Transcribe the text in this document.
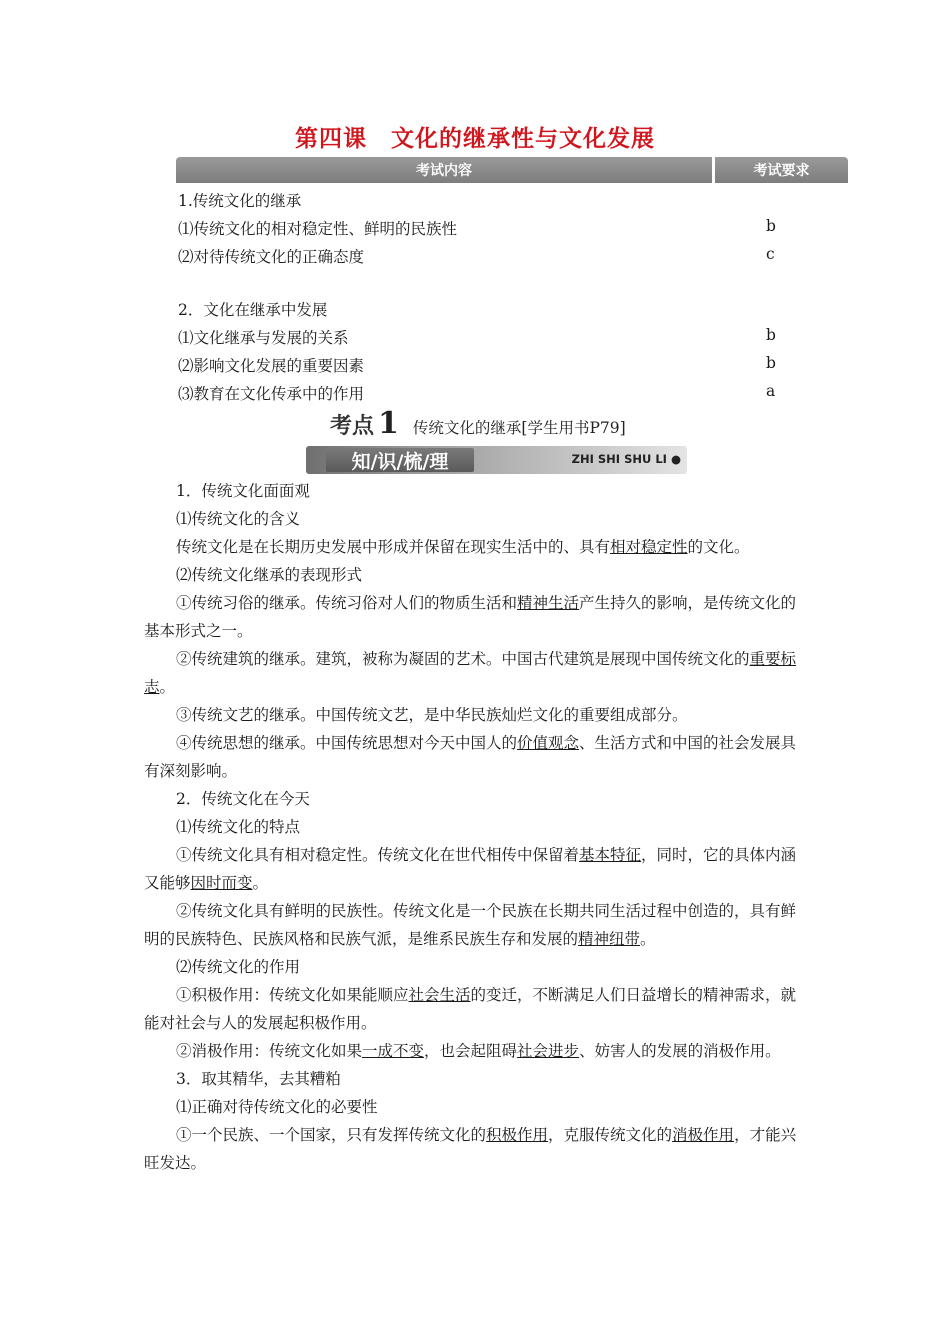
第四课　文化的继承性与文化发展
考试内容	考试要求
1.传统文化的继承
⑴传统文化的相对稳定性、鲜明的民族性	b
⑵对待传统文化的正确态度	c
2．文化在继承中发展
⑴文化继承与发展的关系	b
⑵影响文化发展的重要因素	b
⑶教育在文化传承中的作用	a
考点 1 传统文化的继承[学生用书P79]
知/识/梳/理	ZHI SHI SHU LI ●

1．传统文化面面观

⑴传统文化的含义

传统文化是在长期历史发展中形成并保留在现实生活中的、具有相对稳定性的文化。

⑵传统文化继承的表现形式

①传统习俗的继承。传统习俗对人们的物质生活和精神生活产生持久的影响，是传统文化的基本形式之一。

②传统建筑的继承。建筑，被称为凝固的艺术。中国古代建筑是展现中国传统文化的重要标志。

③传统文艺的继承。中国传统文艺，是中华民族灿烂文化的重要组成部分。

④传统思想的继承。中国传统思想对今天中国人的价值观念、生活方式和中国的社会发展具有深刻影响。

2．传统文化在今天

⑴传统文化的特点

①传统文化具有相对稳定性。传统文化在世代相传中保留着基本特征，同时，它的具体内涵又能够因时而变。

②传统文化具有鲜明的民族性。传统文化是一个民族在长期共同生活过程中创造的，具有鲜明的民族特色、民族风格和民族气派，是维系民族生存和发展的精神纽带。

⑵传统文化的作用

①积极作用：传统文化如果能顺应社会生活的变迁，不断满足人们日益增长的精神需求，就能对社会与人的发展起积极作用。

②消极作用：传统文化如果一成不变，也会起阻碍社会进步、妨害人的发展的消极作用。

3．取其精华，去其糟粕

⑴正确对待传统文化的必要性

①一个民族、一个国家，只有发挥传统文化的积极作用，克服传统文化的消极作用，才能兴旺发达。
